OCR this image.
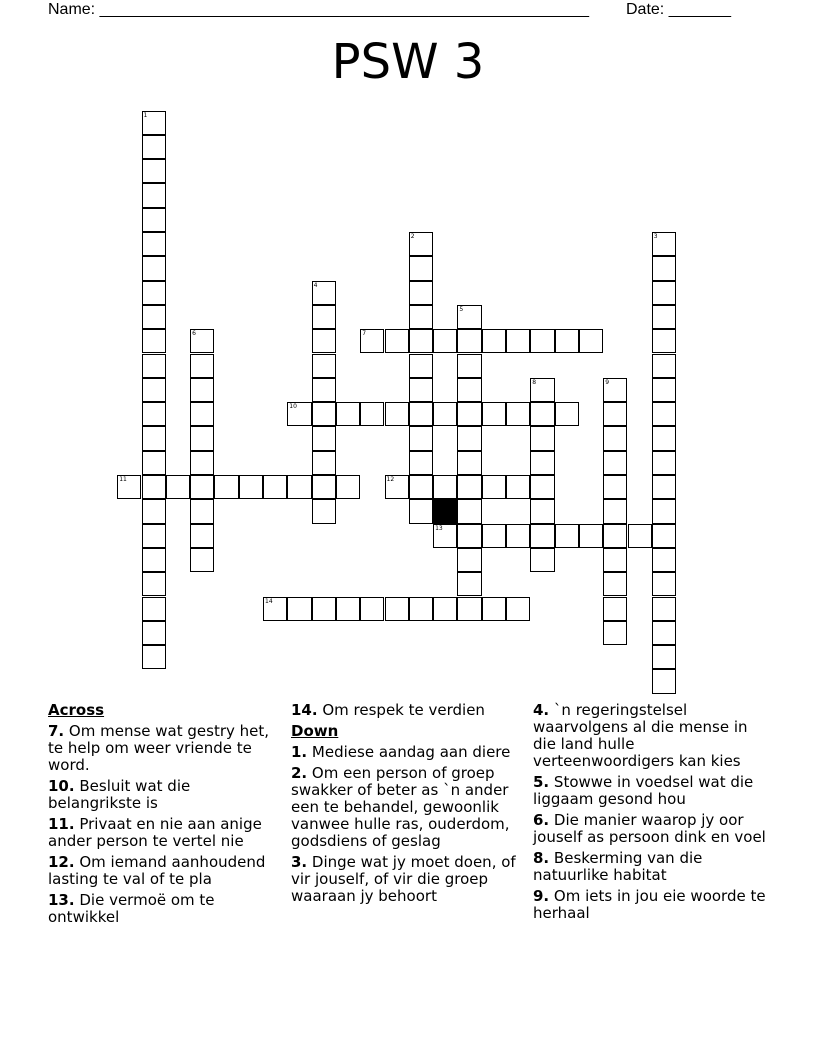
Name: _______________________________________________________ Date: _______
PSW 3
1
2	3
4
5
6	7
8	9
10
11	12
13
14
Across
7. Om mense wat gestry het, te help om weer vriende te word.
10. Besluit wat die belangrikste is
11. Privaat en nie aan anige ander person te vertel nie
12. Om iemand aanhoudend lasting te val of te pla
13. Die vermoë om te ontwikkel
14. Om respek te verdien
Down
1. Mediese aandag aan diere
2. Om een person of groep swakker of beter as `n ander een te behandel, gewoonlik vanwee hulle ras, ouderdom, godsdiens of geslag
3. Dinge wat jy moet doen, of vir jouself, of vir die groep waaraan jy behoort
4. `n regeringstelsel waarvolgens al die mense in die land hulle verteenwoordigers kan kies
5. Stowwe in voedsel wat die liggaam gesond hou
6. Die manier waarop jy oor jouself as persoon dink en voel
8. Beskerming van die natuurlike habitat
9. Om iets in jou eie woorde te herhaal
